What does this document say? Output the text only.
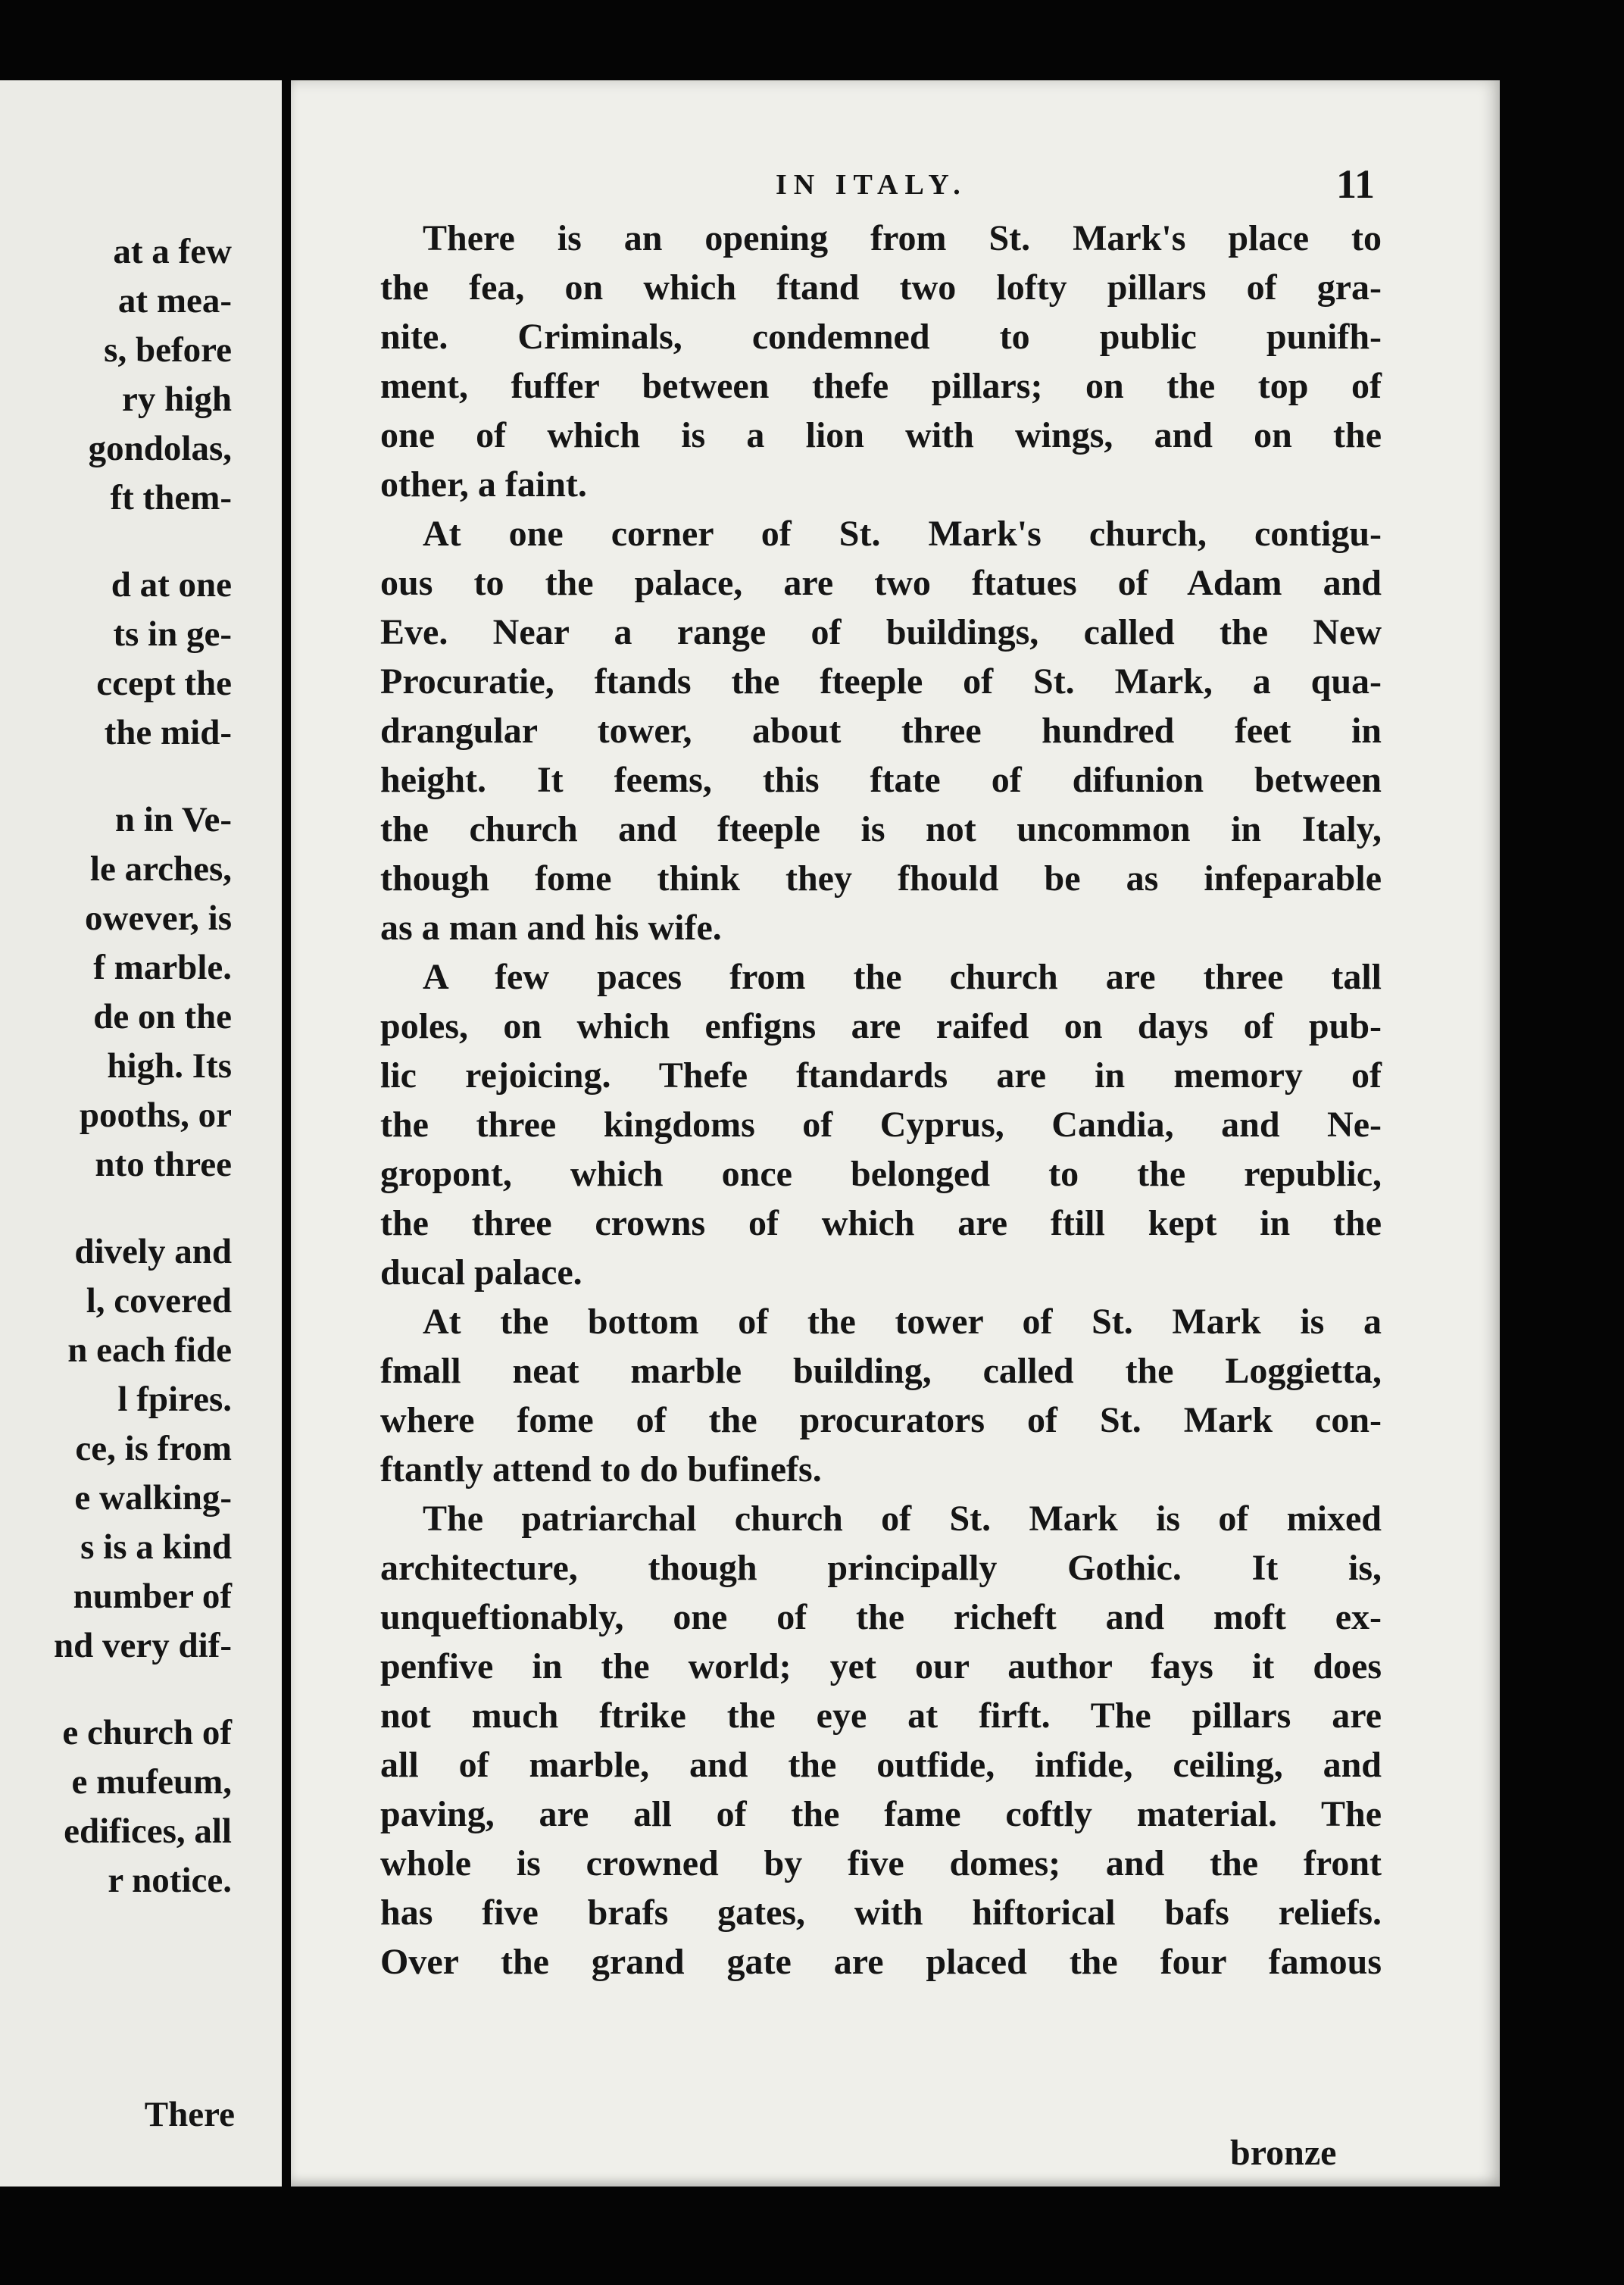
at a few
at mea-
s, before
ry high
gondolas,
ft them-
d at one
ts in ge-
ccept the
the mid-
n in Ve-
le arches,
owever, is
f marble.
de on the
high. Its
pooths, or
nto three
dively and
l, covered
n each fide
l fpires.
ce, is from
e walking-
s is a kind
number of
nd very dif-
e church of
e mufeum,
edifices, all
r notice.
There
IN ITALY.	11
There is an opening from St. Mark's place to
the fea, on which ftand two lofty pillars of gra-
nite. Criminals, condemned to public punifh-
ment, fuffer between thefe pillars; on the top of
one of which is a lion with wings, and on the
other, a faint.
At one corner of St. Mark's church, contigu-
ous to the palace, are two ftatues of Adam and
Eve. Near a range of buildings, called the New
Procuratie, ftands the fteeple of St. Mark, a qua-
drangular tower, about three hundred feet in
height. It feems, this ftate of difunion between
the church and fteeple is not uncommon in Italy,
though fome think they fhould be as infeparable
as a man and his wife.
A few paces from the church are three tall
poles, on which enfigns are raifed on days of pub-
lic rejoicing. Thefe ftandards are in memory of
the three kingdoms of Cyprus, Candia, and Ne-
gropont, which once belonged to the republic,
the three crowns of which are ftill kept in the
ducal palace.
At the bottom of the tower of St. Mark is a
fmall neat marble building, called the Loggietta,
where fome of the procurators of St. Mark con-
ftantly attend to do bufinefs.
The patriarchal church of St. Mark is of mixed
architecture, though principally Gothic. It is,
unqueftionably, one of the richeft and moft ex-
penfive in the world; yet our author fays it does
not much ftrike the eye at firft. The pillars are
all of marble, and the outfide, infide, ceiling, and
paving, are all of the fame coftly material. The
whole is crowned by five domes; and the front
has five brafs gates, with hiftorical bafs reliefs.
Over the grand gate are placed the four famous
bronze
